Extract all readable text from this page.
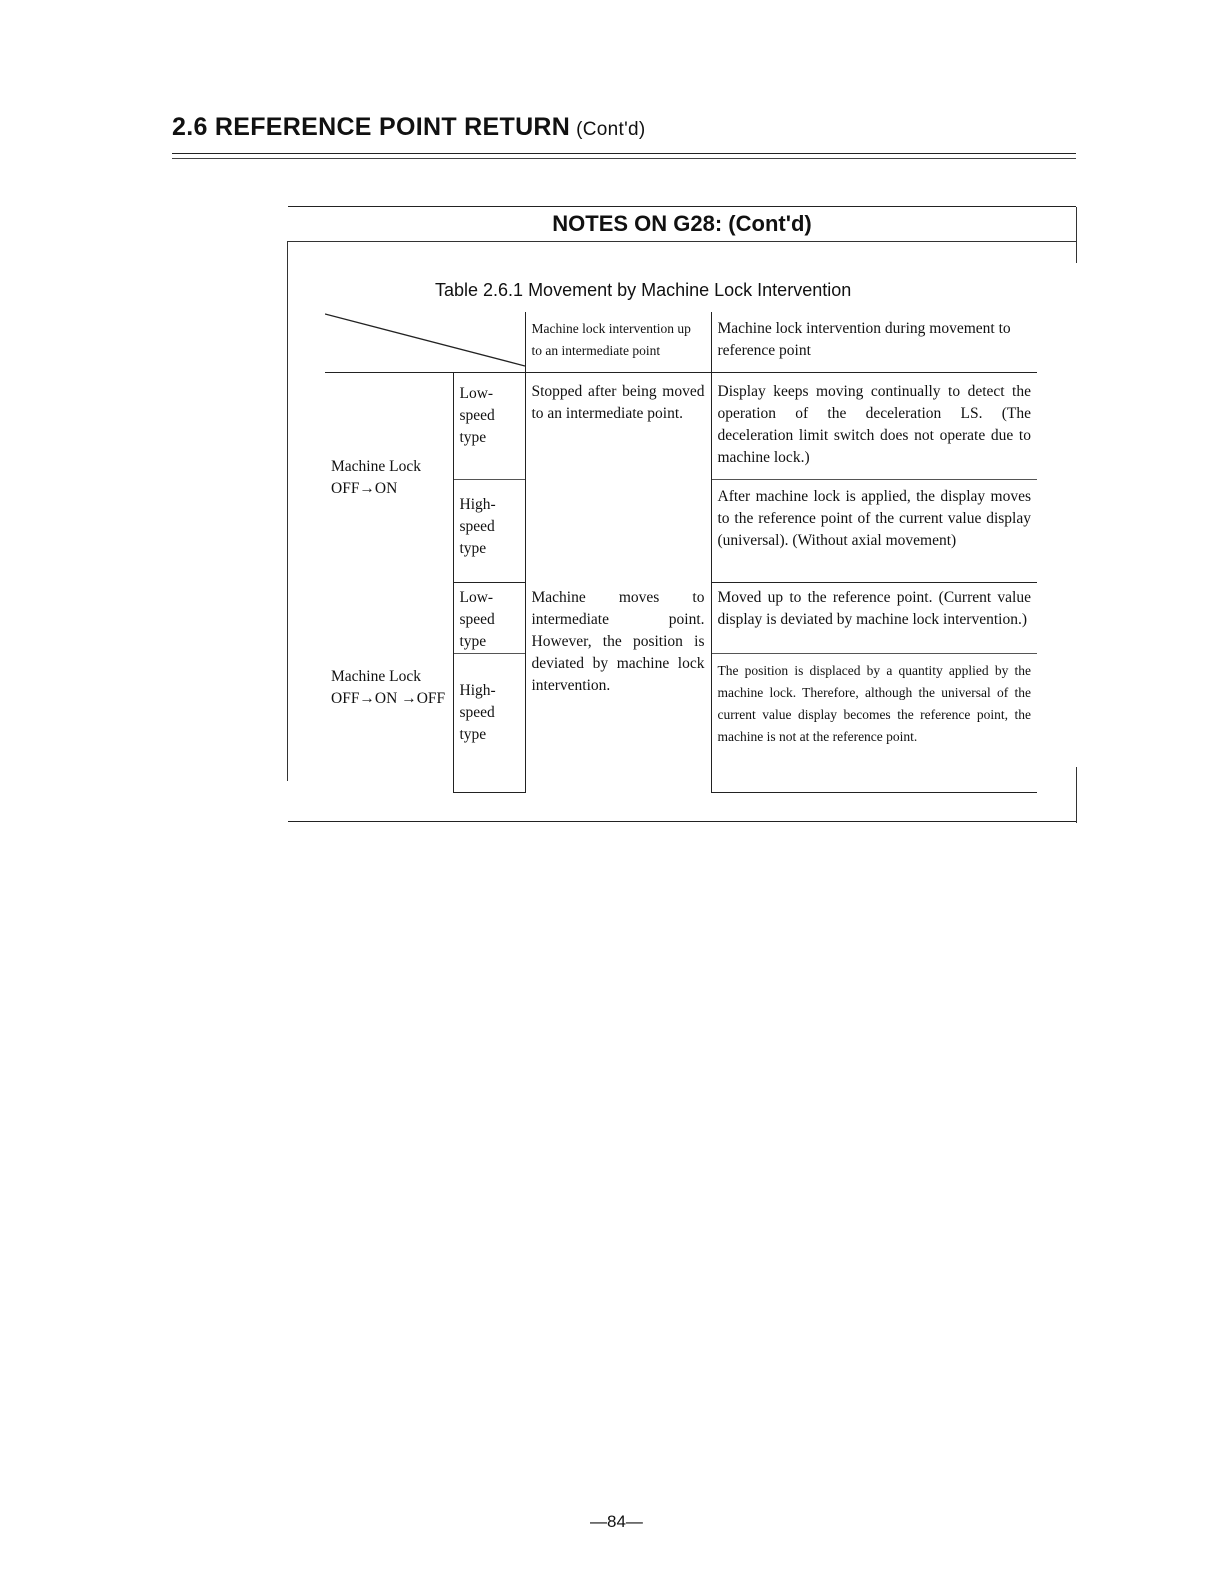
2.6 REFERENCE POINT RETURN (Cont'd)
NOTES ON G28: (Cont'd)

Table 2.6.1 Movement by Machine Lock Intervention

	Machine lock intervention up to an intermediate point	Machine lock intervention during movement to reference point
Machine Lock OFF→ON	Low-speed type	Stopped after being moved to an intermediate point.	Display keeps moving continually to detect the operation of the deceleration LS. (The deceleration limit switch does not operate due to machine lock.)
	High-speed type		After machine lock is applied, the display moves to the reference point of the current value display (universal). (Without axial movement)
Machine Lock OFF→ON →OFF	Low-speed type	Machine moves to intermediate point. However, the position is deviated by machine lock intervention.	Moved up to the reference point. (Current value display is deviated by machine lock intervention.)
	High-speed type		The position is displaced by a quantity applied by the machine lock. Therefore, although the universal of the current value display becomes the reference point, the machine is not at the reference point.

—84—
